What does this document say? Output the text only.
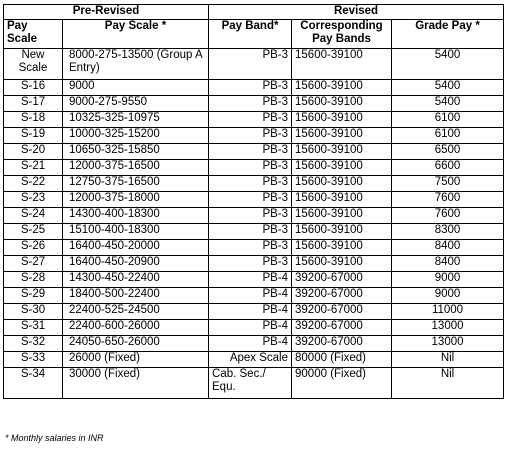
Pre-Revised		Revised		
Pay Scale	Pay Scale *	Pay Band*	Corresponding Pay Bands	Grade Pay *
New Scale	8000-275-13500 (Group A Entry)	PB-3	15600-39100	5400
S-16	9000	PB-3	15600-39100	5400
S-17	9000-275-9550	PB-3	15600-39100	5400
S-18	10325-325-10975	PB-3	15600-39100	6100
S-19	10000-325-15200	PB-3	15600-39100	6100
S-20	10650-325-15850	PB-3	15600-39100	6500
S-21	12000-375-16500	PB-3	15600-39100	6600
S-22	12750-375-16500	PB-3	15600-39100	7500
S-23	12000-375-18000	PB-3	15600-39100	7600
S-24	14300-400-18300	PB-3	15600-39100	7600
S-25	15100-400-18300	PB-3	15600-39100	8300
S-26	16400-450-20000	PB-3	15600-39100	8400
S-27	16400-450-20900	PB-3	15600-39100	8400
S-28	14300-450-22400	PB-4	39200-67000	9000
S-29	18400-500-22400	PB-4	39200-67000	9000
S-30	22400-525-24500	PB-4	39200-67000	11000
S-31	22400-600-26000	PB-4	39200-67000	13000
S-32	24050-650-26000	PB-4	39200-67000	13000
S-33	26000 (Fixed)	Apex Scale	80000 (Fixed)	Nil
S-34	30000 (Fixed)	Cab. Sec./ Equ.	90000 (Fixed)	Nil
* Monthly salaries in INR
